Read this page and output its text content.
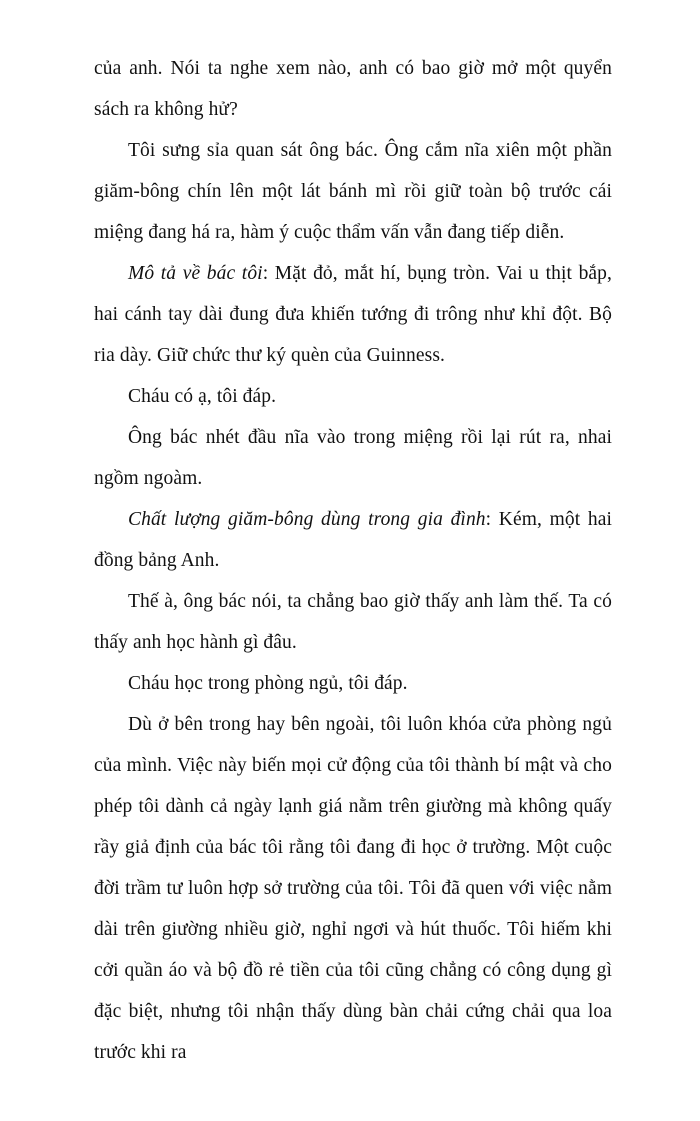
của anh. Nói ta nghe xem nào, anh có bao giờ mở một quyển sách ra không hử?

Tôi sưng sỉa quan sát ông bác. Ông cắm nĩa xiên một phần giăm-bông chín lên một lát bánh mì rồi giữ toàn bộ trước cái miệng đang há ra, hàm ý cuộc thẩm vấn vẫn đang tiếp diễn.

Mô tả về bác tôi: Mặt đỏ, mắt hí, bụng tròn. Vai u thịt bắp, hai cánh tay dài đung đưa khiến tướng đi trông như khỉ đột. Bộ ria dày. Giữ chức thư ký quèn của Guinness.

Cháu có ạ, tôi đáp.

Ông bác nhét đầu nĩa vào trong miệng rồi lại rút ra, nhai ngồm ngoàm.

Chất lượng giăm-bông dùng trong gia đình: Kém, một hai đồng bảng Anh.

Thế à, ông bác nói, ta chẳng bao giờ thấy anh làm thế. Ta có thấy anh học hành gì đâu.

Cháu học trong phòng ngủ, tôi đáp.

Dù ở bên trong hay bên ngoài, tôi luôn khóa cửa phòng ngủ của mình. Việc này biến mọi cử động của tôi thành bí mật và cho phép tôi dành cả ngày lạnh giá nằm trên giường mà không quấy rầy giả định của bác tôi rằng tôi đang đi học ở trường. Một cuộc đời trầm tư luôn hợp sở trường của tôi. Tôi đã quen với việc nằm dài trên giường nhiều giờ, nghỉ ngơi và hút thuốc. Tôi hiếm khi cởi quần áo và bộ đồ rẻ tiền của tôi cũng chẳng có công dụng gì đặc biệt, nhưng tôi nhận thấy dùng bàn chải cứng chải qua loa trước khi ra
